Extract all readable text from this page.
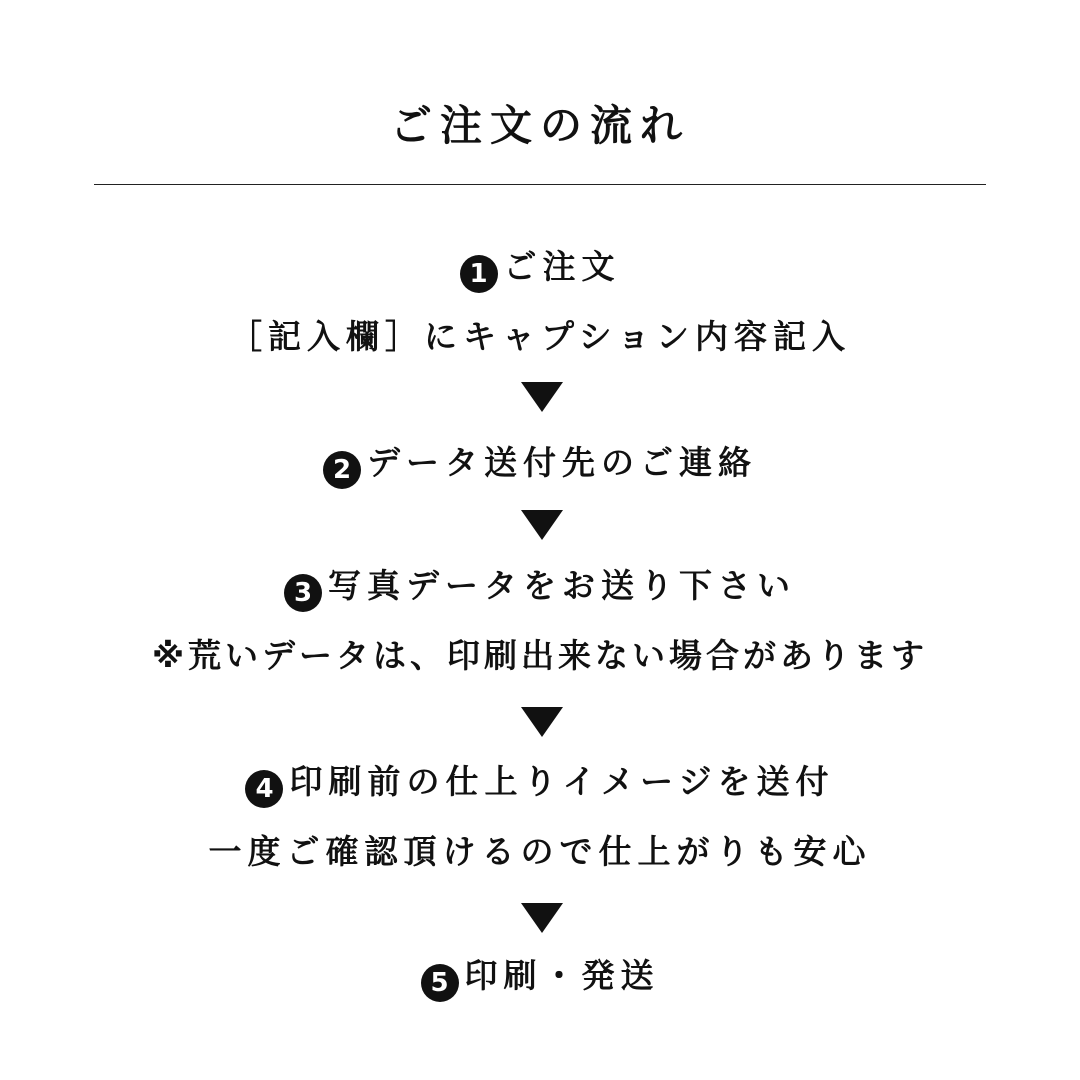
ご注文の流れ
1 ご注文
［記入欄］にキャプション内容記入
2 データ送付先のご連絡
3 写真データをお送り下さい
※荒いデータは、印刷出来ない場合があります
4 印刷前の仕上りイメージを送付
一度ご確認頂けるので仕上がりも安心
5 印刷・発送
